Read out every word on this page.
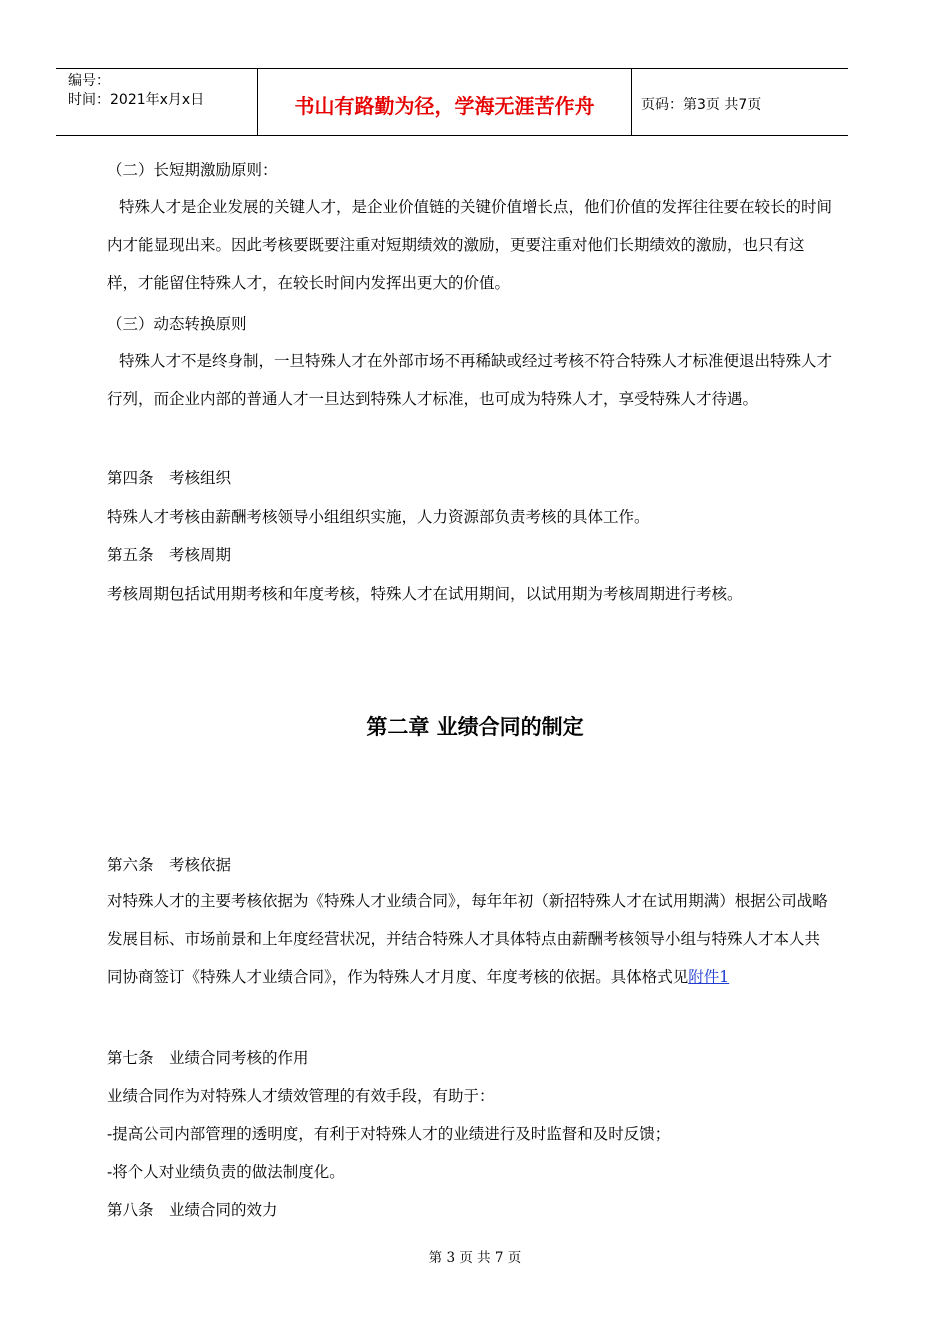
编号：
时间：2021年x月x日	书山有路勤为径，学海无涯苦作舟	页码：第3页 共7页
（二）长短期激励原则：
特殊人才是企业发展的关键人才，是企业价值链的关键价值增长点，他们价值的发挥往往要在较长的时间内才能显现出来。因此考核要既要注重对短期绩效的激励，更要注重对他们长期绩效的激励，也只有这样，才能留住特殊人才，在较长时间内发挥出更大的价值。
（三）动态转换原则
特殊人才不是终身制，一旦特殊人才在外部市场不再稀缺或经过考核不符合特殊人才标准便退出特殊人才行列，而企业内部的普通人才一旦达到特殊人才标准，也可成为特殊人才，享受特殊人才待遇。
第四条　考核组织
特殊人才考核由薪酬考核领导小组组织实施，人力资源部负责考核的具体工作。
第五条　考核周期
考核周期包括试用期考核和年度考核，特殊人才在试用期间，以试用期为考核周期进行考核。
第二章 业绩合同的制定
第六条　考核依据
对特殊人才的主要考核依据为《特殊人才业绩合同》，每年年初（新招特殊人才在试用期满）根据公司战略发展目标、市场前景和上年度经营状况，并结合特殊人才具体特点由薪酬考核领导小组与特殊人才本人共同协商签订《特殊人才业绩合同》，作为特殊人才月度、年度考核的依据。具体格式见附件1
第七条　业绩合同考核的作用
业绩合同作为对特殊人才绩效管理的有效手段，有助于：
-提高公司内部管理的透明度，有利于对特殊人才的业绩进行及时监督和及时反馈；
-将个人对业绩负责的做法制度化。
第八条　业绩合同的效力
第 3 页 共 7 页
